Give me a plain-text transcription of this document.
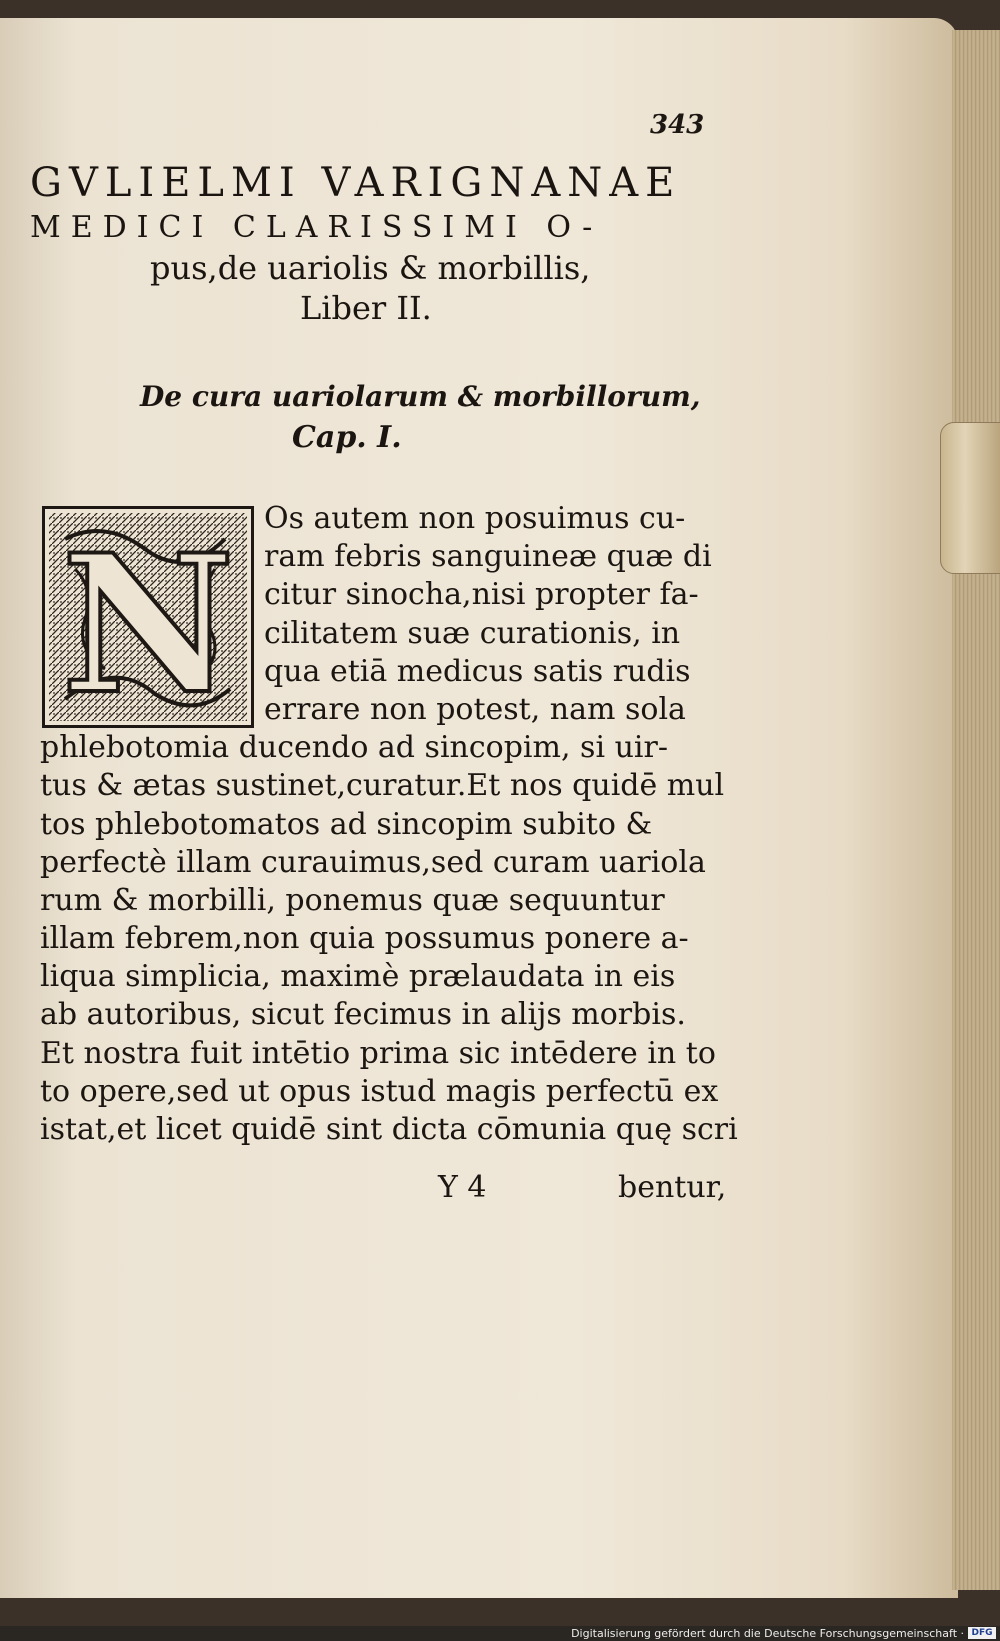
343
GVLIELMI VARIGNANAE
MEDICI CLARISSIMI O-
pus,de uariolis & morbillis,
Liber II.
De cura uariolarum & morbillorum,
Cap. I.
N Os autem non posuimus cu-
ram febris sanguineæ quæ di
citur sinocha,nisi propter fa-
cilitatem suæ curationis, in
qua etiā medicus satis rudis
errare non potest, nam sola
phlebotomia ducendo ad sincopim, si uir-
tus & ætas sustinet,curatur.Et nos quidē mul
tos phlebotomatos ad sincopim subito &
perfectè illam curauimus,sed curam uariola
rum & morbilli, ponemus quæ sequuntur
illam febrem,non quia possumus ponere a-
liqua simplicia, maximè prælaudata in eis
ab autoribus, sicut fecimus in alijs morbis.
Et nostra fuit intētio prima sic intēdere in to
to opere,sed ut opus istud magis perfectū ex
istat,et licet quidē sint dicta cōmunia quę scri
Y 4	bentur,
Digitalisierung gefördert durch die Deutsche Forschungsgemeinschaft · DFG
